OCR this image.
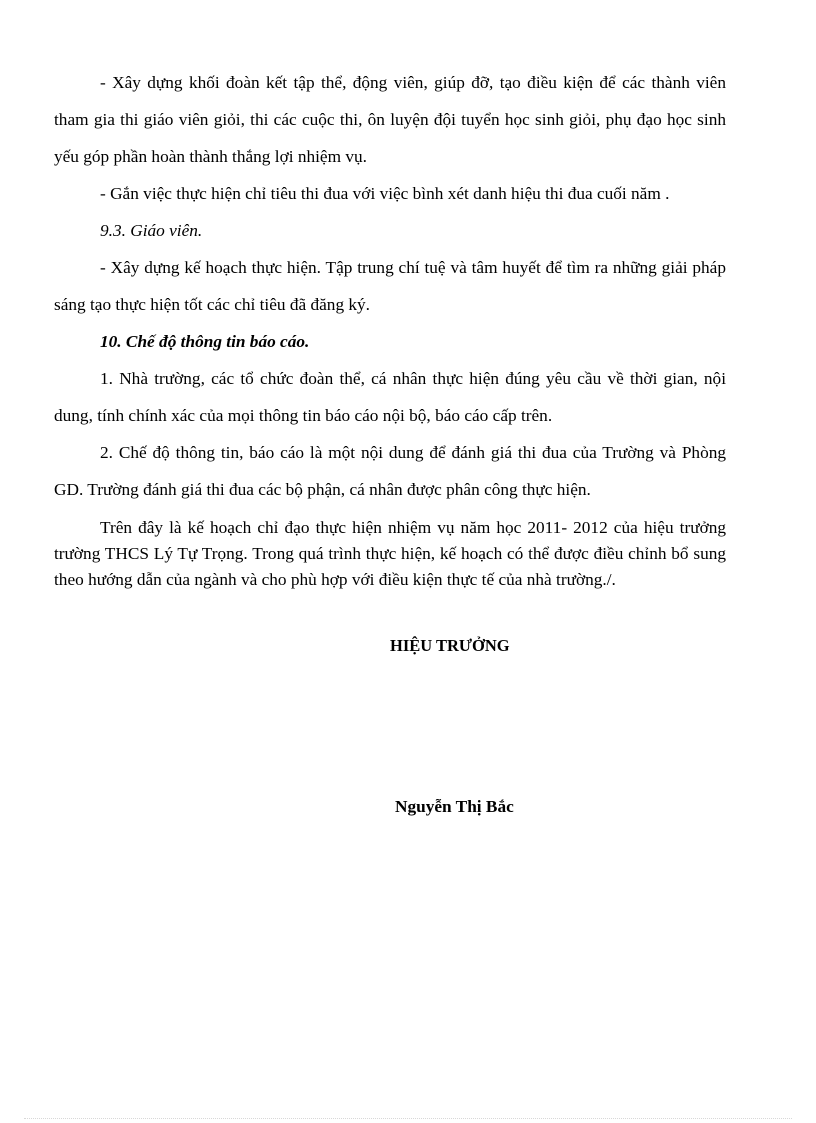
- Xây dựng khối đoàn kết tập thể, động viên, giúp đỡ, tạo điều kiện để các thành viên tham gia thi giáo viên giỏi, thi các cuộc thi, ôn luyện đội tuyển học sinh giỏi, phụ đạo học sinh yếu góp phần hoàn thành thắng lợi nhiệm vụ.

- Gắn việc thực hiện chỉ tiêu thi đua với việc bình xét danh hiệu thi đua cuối năm .

9.3. Giáo viên.

- Xây dựng kế hoạch thực hiện. Tập trung chí tuệ và tâm huyết để tìm ra những giải pháp sáng tạo thực hiện tốt các chỉ tiêu đã đăng ký.

10. Chế độ thông tin báo cáo.

1. Nhà trường, các tổ chức đoàn thể, cá nhân thực hiện đúng yêu cầu về thời gian, nội dung, tính chính xác của mọi thông tin báo cáo nội bộ, báo cáo cấp trên.

2. Chế độ thông tin, báo cáo là một nội dung để đánh giá thi đua của Trường và Phòng GD. Trường đánh giá thi đua các bộ phận, cá nhân được phân công thực hiện.

Trên đây là kế hoạch chỉ đạo thực hiện nhiệm vụ năm học 2011- 2012 của hiệu trưởng trường THCS Lý Tự Trọng. Trong quá trình thực hiện, kế hoạch có thể được điều chỉnh bổ sung theo hướng dẫn của ngành và cho phù hợp với điều kiện thực tế của nhà trường./.

HIỆU TRƯỞNG

Nguyễn Thị Bắc
